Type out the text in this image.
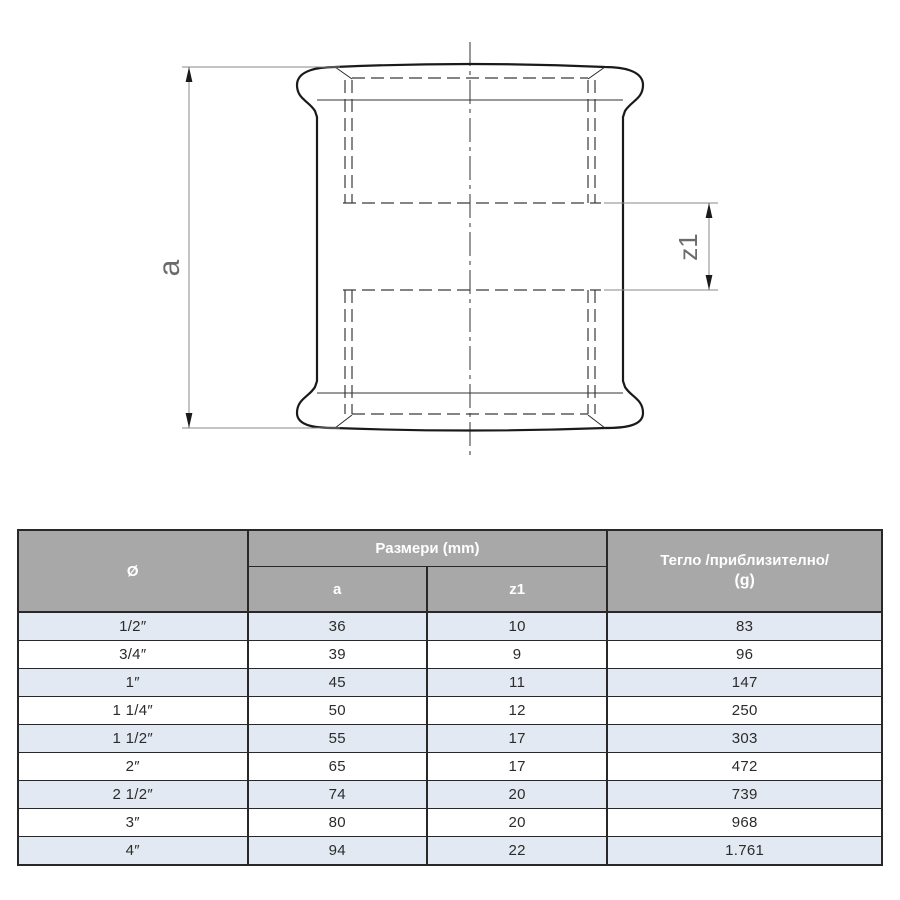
a
z1
Ø	Размери (mm)		Тегло /приблизително/
(g)

	a	z1	
1/2″	36	10	83
3/4″	39	9	96
1″	45	11	147
1 1/4″	50	12	250
1 1/2″	55	17	303
2″	65	17	472
2 1/2″	74	20	739
3″	80	20	968
4″	94	22	1.761
